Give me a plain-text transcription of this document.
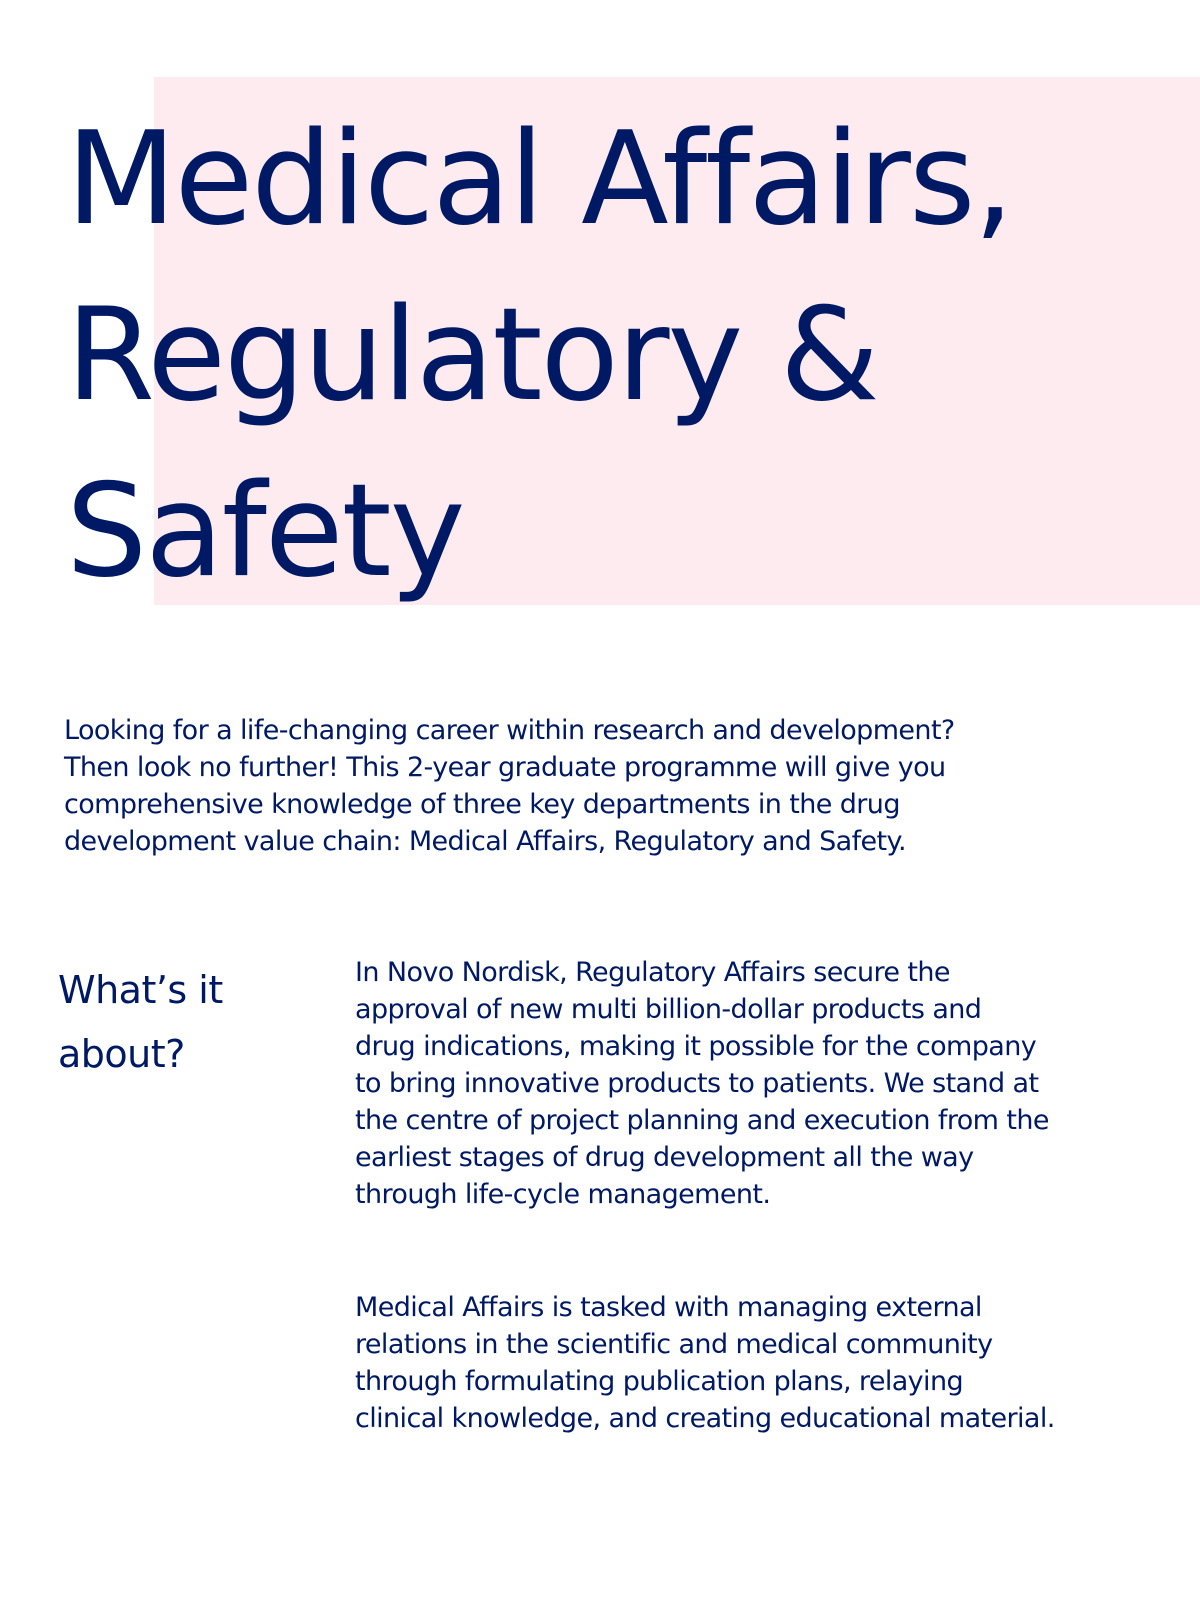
Medical Affairs,
Regulatory &
Safety

Looking for a life-changing career within research and development?
Then look no further! This 2-year graduate programme will give you
comprehensive knowledge of three key departments in the drug
development value chain: Medical Affairs, Regulatory and Safety.

What’s it
about?

In Novo Nordisk, Regulatory Affairs secure the
approval of new multi billion-dollar products and
drug indications, making it possible for the company
to bring innovative products to patients. We stand at
the centre of project planning and execution from the
earliest stages of drug development all the way
through life-cycle management.

Medical Affairs is tasked with managing external
relations in the scientific and medical community
through formulating publication plans, relaying
clinical knowledge, and creating educational material.
